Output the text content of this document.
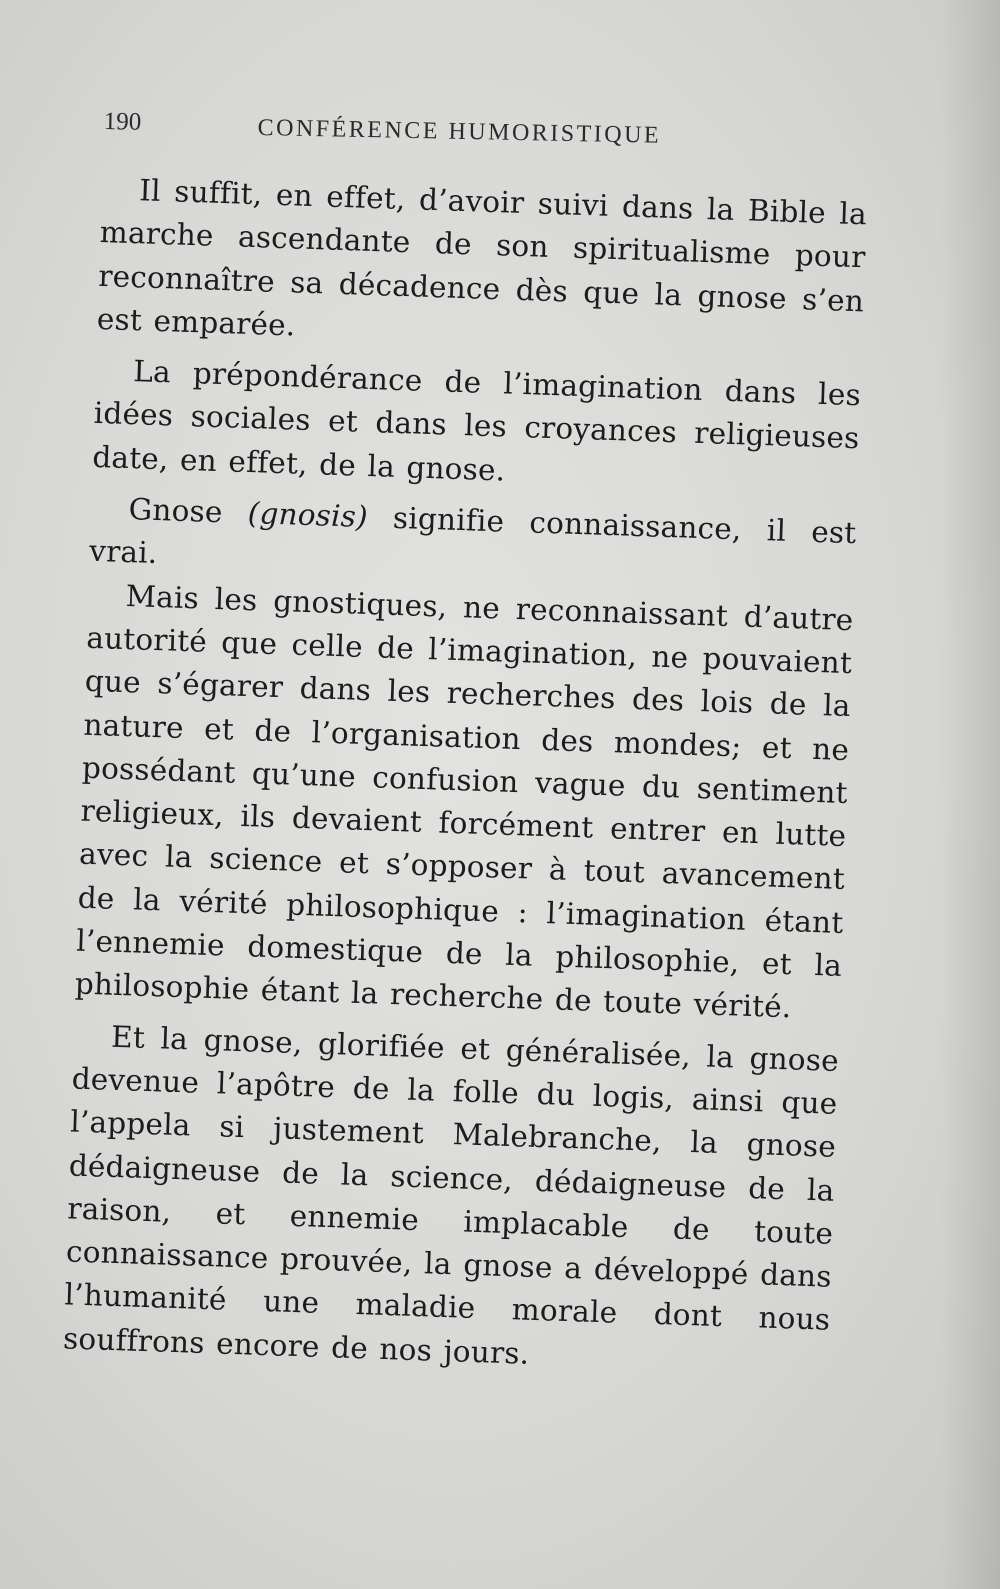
190	CONFÉRENCE HUMORISTIQUE

Il suffit, en effet, d’avoir suivi dans la Bible la marche ascendante de son spiritualisme pour reconnaître sa décadence dès que la gnose s’en est emparée.

La prépondérance de l’imagination dans les idées sociales et dans les croyances religieuses date, en effet, de la gnose.

Gnose (gnosis) signifie connaissance, il est vrai.

Mais les gnostiques, ne reconnaissant d’autre autorité que celle de l’imagination, ne pouvaient que s’égarer dans les recherches des lois de la nature et de l’organisation des mondes; et ne possédant qu’une confusion vague du sentiment religieux, ils devaient forcément entrer en lutte avec la science et s’opposer à tout avancement de la vérité philosophique : l’imagination étant l’ennemie domestique de la philosophie, et la philosophie étant la recherche de toute vérité.

Et la gnose, glorifiée et généralisée, la gnose devenue l’apôtre de la folle du logis, ainsi que l’appela si justement Malebranche, la gnose dédaigneuse de la science, dédaigneuse de la raison, et ennemie implacable de toute connaissance prouvée, la gnose a développé dans l’humanité une maladie morale dont nous souffrons encore de nos jours.
